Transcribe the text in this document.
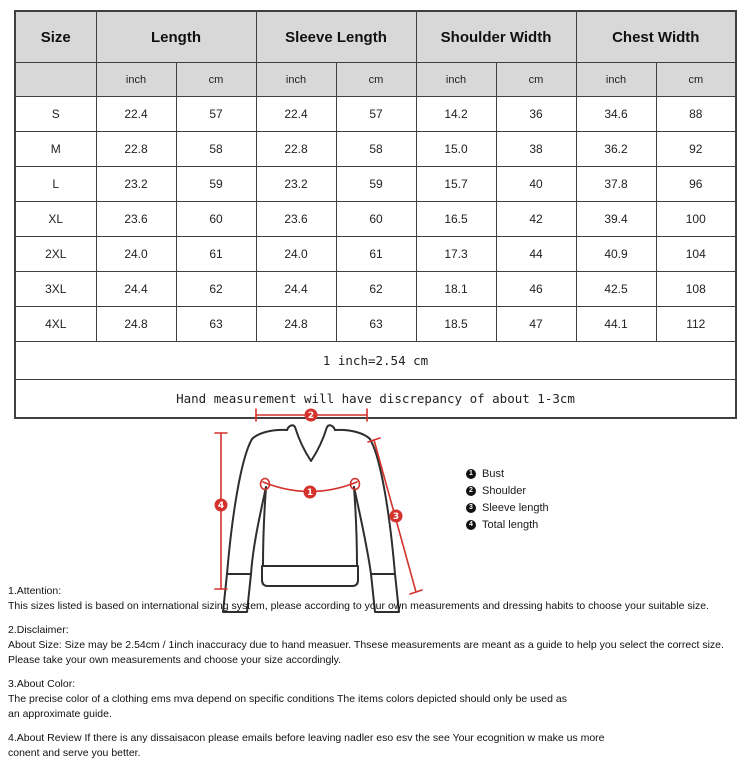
Size	Length		Sleeve Length		Shoulder Width		Chest Width	
	inch	cm	inch	cm	inch	cm	inch	cm
S	22.4	57	22.4	57	14.2	36	34.6	88
M	22.8	58	22.8	58	15.0	38	36.2	92
L	23.2	59	23.2	59	15.7	40	37.8	96
XL	23.6	60	23.6	60	16.5	42	39.4	100
2XL	24.0	61	24.0	61	17.3	44	40.9	104
3XL	24.4	62	24.4	62	18.1	46	42.5	108
4XL	24.8	63	24.8	63	18.5	47	44.1	112
1 inch=2.54 cm								
Hand measurement will have discrepancy of about 1-3cm								
1
2
3
4
1 Bust
2 Shoulder
3 Sleeve length
4 Total length
1.Attention:
This sizes listed is based on international sizing system, please according to your own measurements and dressing habits to choose your suitable size.
2.Disclaimer:
About Size: Size may be 2.54cm / 1inch inaccuracy due to hand measuer. Thsese measurements are meant as a guide to help you select the correct size.
Please take your own measurements and choose your size accordingly.
3.About Color:
The precise color of a clothing ems mva depend on specific conditions The items colors depicted should only be used as
an approximate guide.
4.About Review If there is any dissaisacon please emails before leaving nadler eso esv the see Your ecognition w make us more
conent and serve you better.
